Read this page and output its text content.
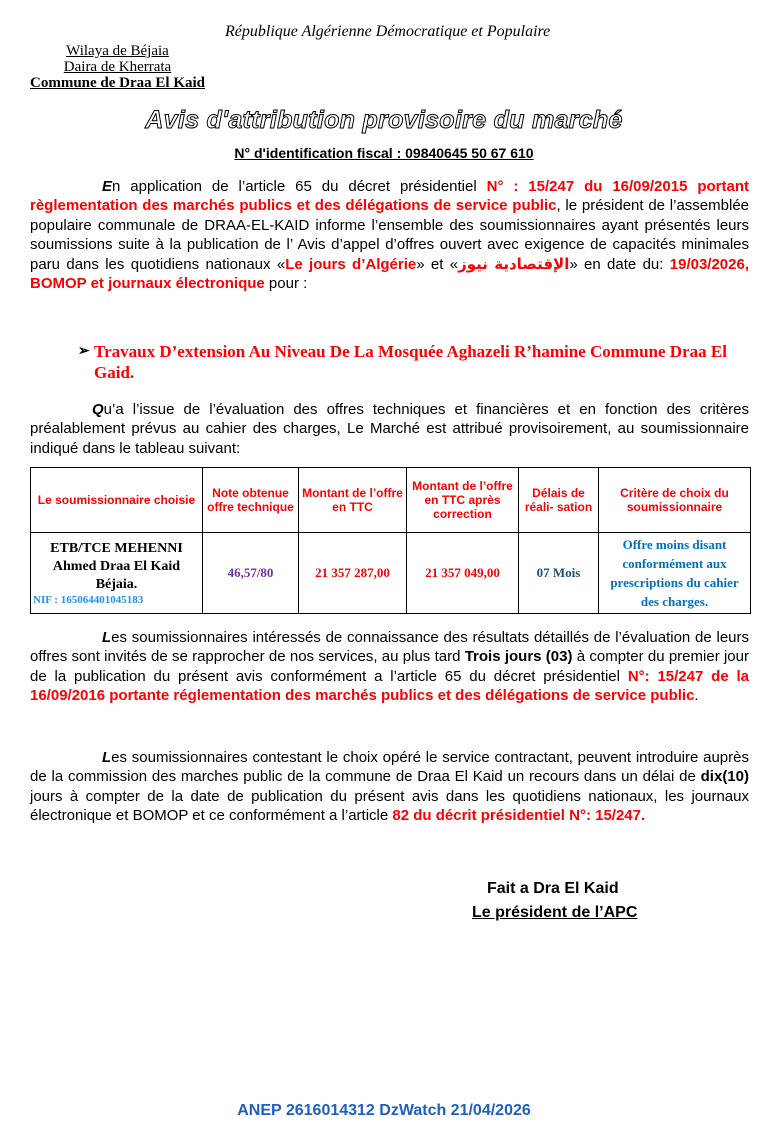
République Algérienne Démocratique et Populaire
Wilaya de Béjaia
Daira de Kherrata
Commune de Draa El Kaid
Avis d'attribution provisoire du marché
N° d'identification fiscal : 09840645 50 67 610
En application de l’article 65 du décret présidentiel N° : 15/247 du 16/09/2015 portant règlementation des marchés publics et des délégations de service public, le président de l’assemblée populaire communale de DRAA-EL-KAID informe l’ensemble des soumissionnaires ayant présentés leurs soumissions suite à la publication de l’ Avis d’appel d’offres ouvert avec exigence de capacités minimales paru dans les quotidiens nationaux «Le jours d’Algérie» et «الإقتصادية نيوز» en date du: 19/03/2026, BOMOP et journaux électronique pour :
➢ Travaux D’extension Au Niveau De La Mosquée Aghazeli R’hamine Commune Draa El Gaid.
Qu’a l’issue de l’évaluation des offres techniques et financières et en fonction des critères préalablement prévus au cahier des charges, Le Marché est attribué provisoirement, au soumissionnaire indiqué dans le tableau suivant:
Le soumissionnaire choisie	Note obtenue offre technique	Montant de l’offre en TTC	Montant de l’offre en TTC après correction	Délais de réali- sation	Critère de choix du soumissionnaire

ETB/TCE MEHENNI
Ahmed Draa El Kaid
Béjaia.
NIF : 165064401045183	46,57/80	21 357 287,00	21 357 049,00	07 Mois	Offre moins disant conformément aux prescriptions du cahier des charges.
Les soumissionnaires intéressés de connaissance des résultats détaillés de l’évaluation de leurs offres sont invités de se rapprocher de nos services, au plus tard Trois jours (03) à compter du premier jour de la publication du présent avis conformément a l’article 65 du décret présidentiel N°: 15/247 de la 16/09/2016 portante réglementation des marchés publics et des délégations de service public.
Les soumissionnaires contestant le choix opéré le service contractant, peuvent introduire auprès de la commission des marches public de la commune de Draa El Kaid un recours dans un délai de dix(10) jours à compter de la date de publication du présent avis dans les quotidiens nationaux, les journaux électronique et BOMOP et ce conformément a l’article 82 du décrit présidentiel N°: 15/247.
Fait a Dra El Kaid
Le président de l’APC
ANEP 2616014312 DzWatch 21/04/2026
